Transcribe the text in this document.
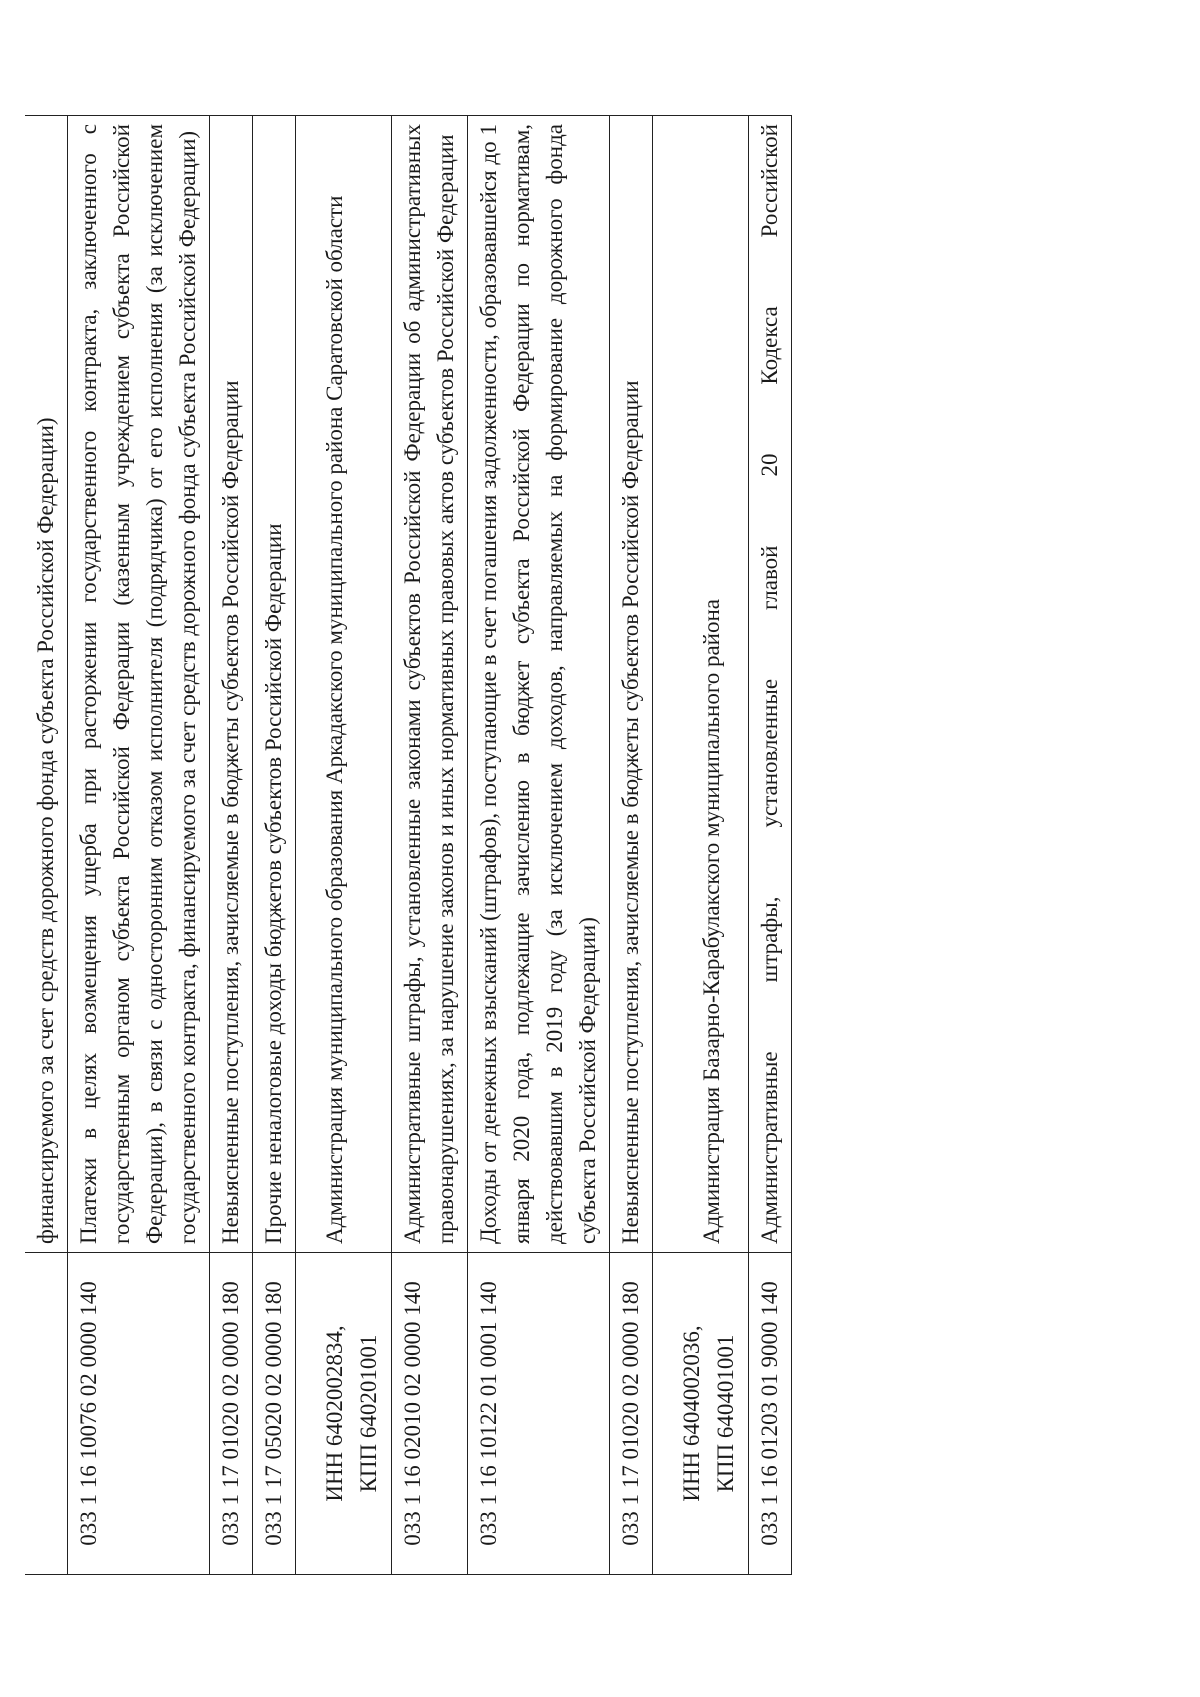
	финансируемого за счет средств дорожного фонда субъекта Российской Федерации)
033 1 16 10076 02 0000 140	Платежи в целях возмещения ущерба при расторжении государственного контракта, заключенного с государственным органом субъекта Российской Федерации (казенным учреждением субъекта Российской Федерации), в связи с односторонним отказом исполнителя (подрядчика) от его исполнения (за исключением государственного контракта, финансируемого за счет средств дорожного фонда субъекта Российской Федерации)
033 1 17 01020 02 0000 180	Невыясненные поступления, зачисляемые в бюджеты субъектов Российской Федерации
033 1 17 05020 02 0000 180	Прочие неналоговые доходы бюджетов субъектов Российской Федерации

ИНН 6402002834, КПП 640201001	Администрация муниципального образования Аркадакского муниципального района Саратовской области
033 1 16 02010 02 0000 140	Административные штрафы, установленные законами субъектов Российской Федерации об административных правонарушениях, за нарушение законов и иных нормативных правовых актов субъектов Российской Федерации
033 1 16 10122 01 0001 140	Доходы от денежных взысканий (штрафов), поступающие в счет погашения задолженности, образовавшейся до 1 января 2020 года, подлежащие зачислению в бюджет субъекта Российской Федерации по нормативам, действовавшим в 2019 году (за исключением доходов, направляемых на формирование дорожного фонда субъекта Российской Федерации)
033 1 17 01020 02 0000 180	Невыясненные поступления, зачисляемые в бюджеты субъектов Российской Федерации

ИНН 6404002036, КПП 640401001	Администрация Базарно-Карабулакского муниципального района
033 1 16 01203 01 9000 140	Административные штрафы, установленные главой 20 Кодекса Российской
